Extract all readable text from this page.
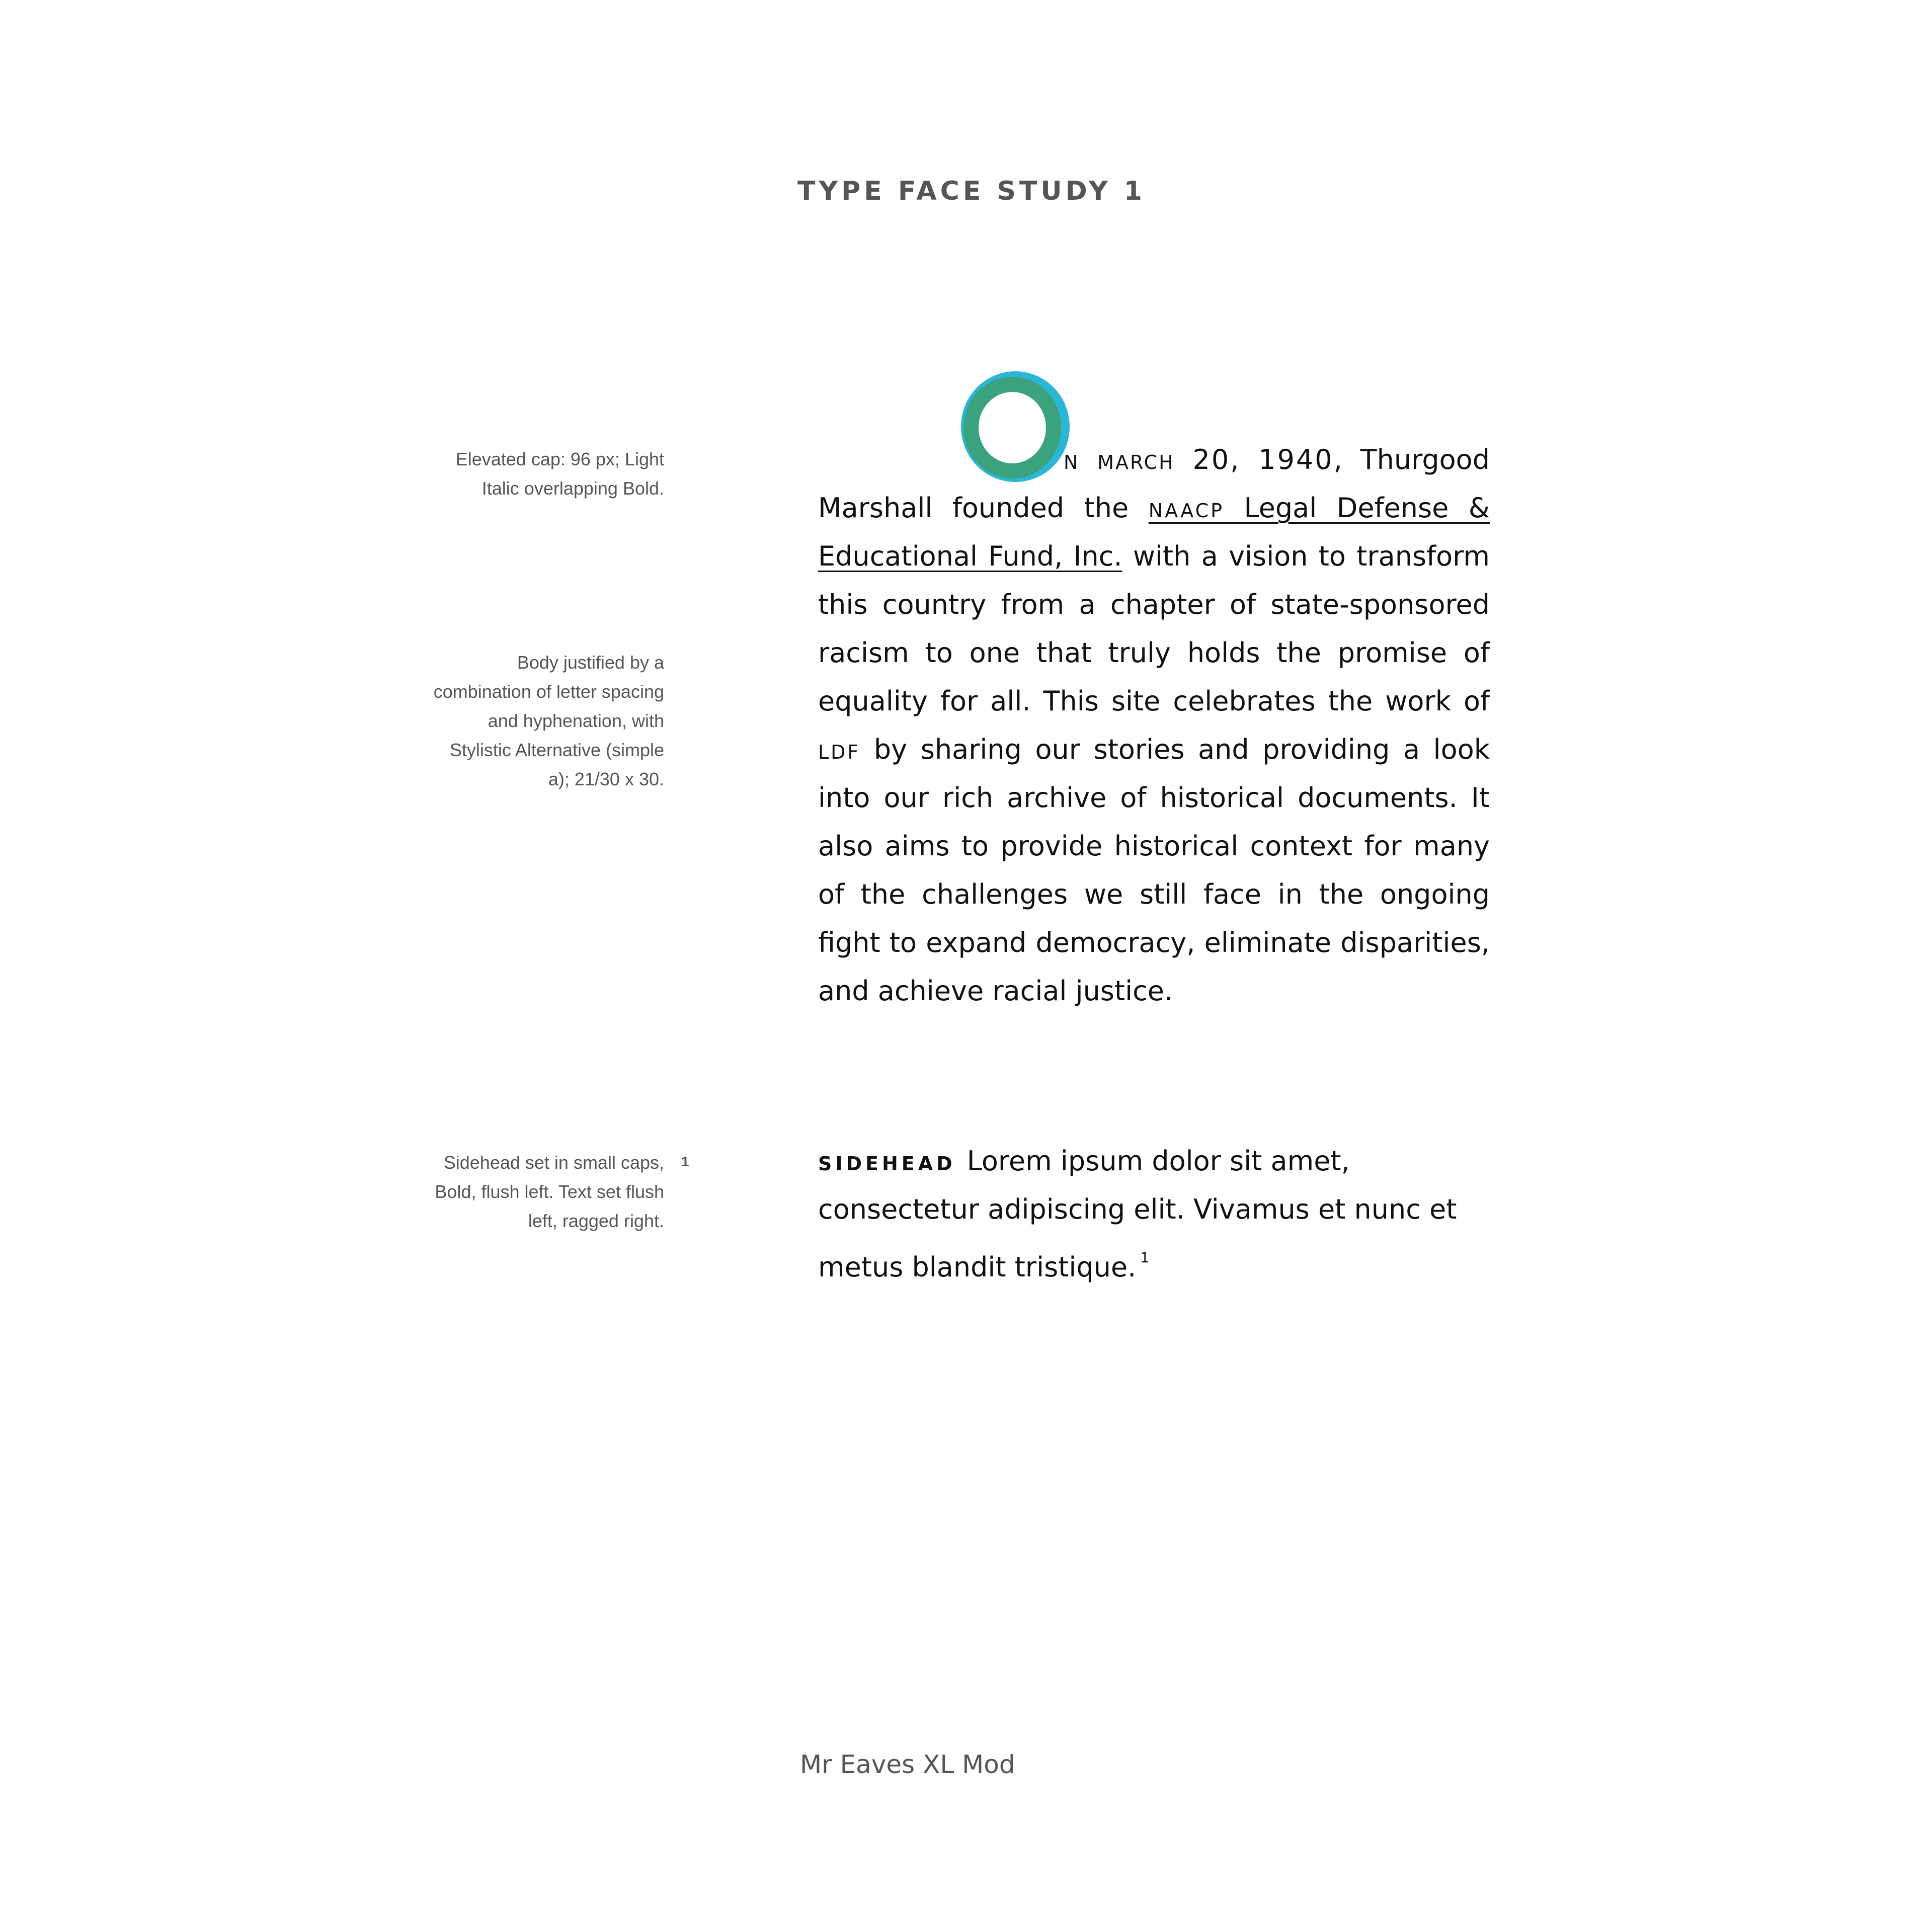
TYPE FACE STUDY 1
Elevated cap: 96 px; Light Italic overlapping Bold.
Body justified by a combination of letter spacing and hyphenation, with Stylistic Alternative (simple a); 21/30 x 30.
Sidehead set in small caps, Bold, flush left. Text set flush left, ragged right.
1
O
n march 20, 1940, Thurgood Marshall founded the naacp Legal Defense & Educational Fund, Inc. with a vision to transform this country from a chapter of state-sponsored racism to one that truly holds the promise of equality for all. This site celebrates the work of ldf by sharing our stories and providing a look into our rich archive of historical documents. It also aims to provide historical context for many of the challenges we still face in the ongoing fight to expand democracy, eliminate disparities, and achieve racial justice.
sidehead Lorem ipsum dolor sit amet, consectetur adipiscing elit. Vivamus et nunc et metus blandit tristique. $^1$
Mr Eaves XL Mod
